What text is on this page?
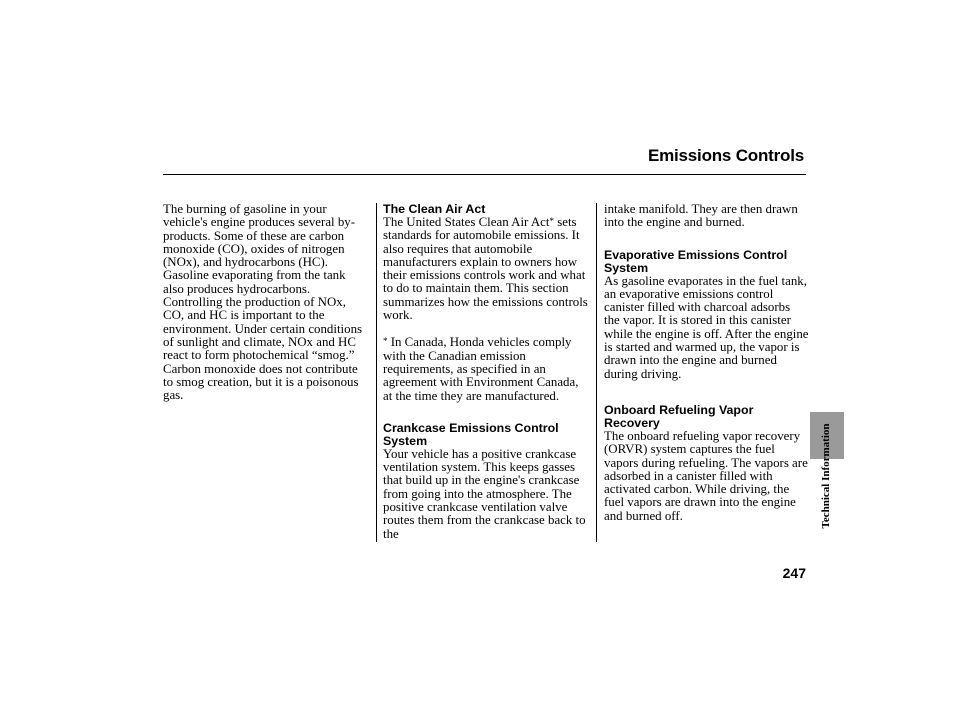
Emissions Controls

The burning of gasoline in your vehicle's engine produces several by-products. Some of these are carbon monoxide (CO), oxides of nitrogen (NOx), and hydrocarbons (HC). Gasoline evaporating from the tank also produces hydrocarbons. Controlling the production of NOx, CO, and HC is important to the environment. Under certain conditions of sunlight and climate, NOx and HC react to form photochemical “smog.” Carbon monoxide does not contribute to smog creation, but it is a poisonous gas.

The Clean Air Act

The United States Clean Air Act* sets standards for automobile emissions. It also requires that automobile manufacturers explain to owners how their emissions controls work and what to do to maintain them. This section summarizes how the emissions controls work.

* In Canada, Honda vehicles comply with the Canadian emission requirements, as specified in an agreement with Environment Canada, at the time they are manufactured.

Crankcase Emissions Control System

Your vehicle has a positive crankcase ventilation system. This keeps gasses that build up in the engine's crankcase from going into the atmosphere. The positive crankcase ventilation valve routes them from the crankcase back to the

intake manifold. They are then drawn into the engine and burned.

Evaporative Emissions Control System

As gasoline evaporates in the fuel tank, an evaporative emissions control canister filled with charcoal adsorbs the vapor. It is stored in this canister while the engine is off. After the engine is started and warmed up, the vapor is drawn into the engine and burned during driving.

Onboard Refueling Vapor Recovery

The onboard refueling vapor recovery (ORVR) system captures the fuel vapors during refueling. The vapors are adsorbed in a canister filled with activated carbon. While driving, the fuel vapors are drawn into the engine and burned off.	Technical Information
247
